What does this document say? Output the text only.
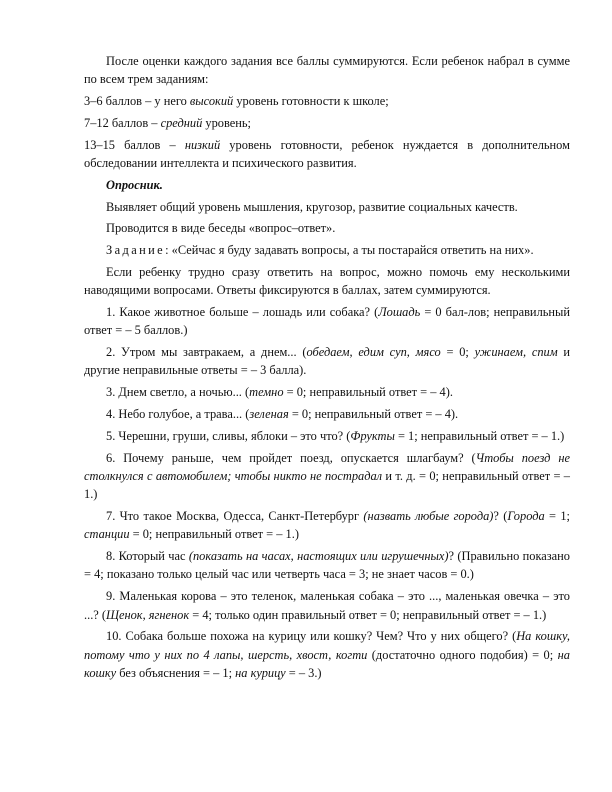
После оценки каждого задания все баллы суммируются. Если ребенок набрал в сумме по всем трем заданиям:

3–6 баллов – у него высокий уровень готовности к школе;

7–12 баллов – средний уровень;

13–15 баллов – низкий уровень готовности, ребенок нуждается в дополнительном обследовании интеллекта и психического развития.

Опросник.

Выявляет общий уровень мышления, кругозор, развитие социальных качеств.

Проводится в виде беседы «вопрос–ответ».

Задание: «Сейчас я буду задавать вопросы, а ты постарайся ответить на них».

Если ребенку трудно сразу ответить на вопрос, можно помочь ему несколькими наводящими вопросами. Ответы фиксируются в баллах, затем суммируются.

1. Какое животное больше – лошадь или собака? (Лошадь = 0 бал-лов; неправильный ответ = – 5 баллов.)

2. Утром мы завтракаем, а днем... (обедаем, едим суп, мясо = 0; ужинаем, спим и другие неправильные ответы = – 3 балла).

3. Днем светло, а ночью... (темно = 0; неправильный ответ = – 4).

4. Небо голубое, а трава... (зеленая = 0; неправильный ответ = – 4).

5. Черешни, груши, сливы, яблоки – это что? (Фрукты = 1; неправильный ответ = – 1.)

6. Почему раньше, чем пройдет поезд, опускается шлагбаум? (Чтобы поезд не столкнулся с автомобилем; чтобы никто не пострадал и т. д. = 0; неправильный ответ = – 1.)

7. Что такое Москва, Одесса, Санкт-Петербург (назвать любые города)? (Города = 1; станции = 0; неправильный ответ = – 1.)

8. Который час (показать на часах, настоящих или игрушечных)? (Правильно показано = 4; показано только целый час или четверть часа = 3; не знает часов = 0.)

9. Маленькая корова – это теленок, маленькая собака – это ..., маленькая овечка – это ...? (Щенок, ягненок = 4; только один правильный ответ = 0; неправильный ответ = – 1.)

10. Собака больше похожа на курицу или кошку? Чем? Что у них общего? (На кошку, потому что у них по 4 лапы, шерсть, хвост, когти (достаточно одного подобия) = 0; на кошку без объяснения = – 1; на курицу = – 3.)
